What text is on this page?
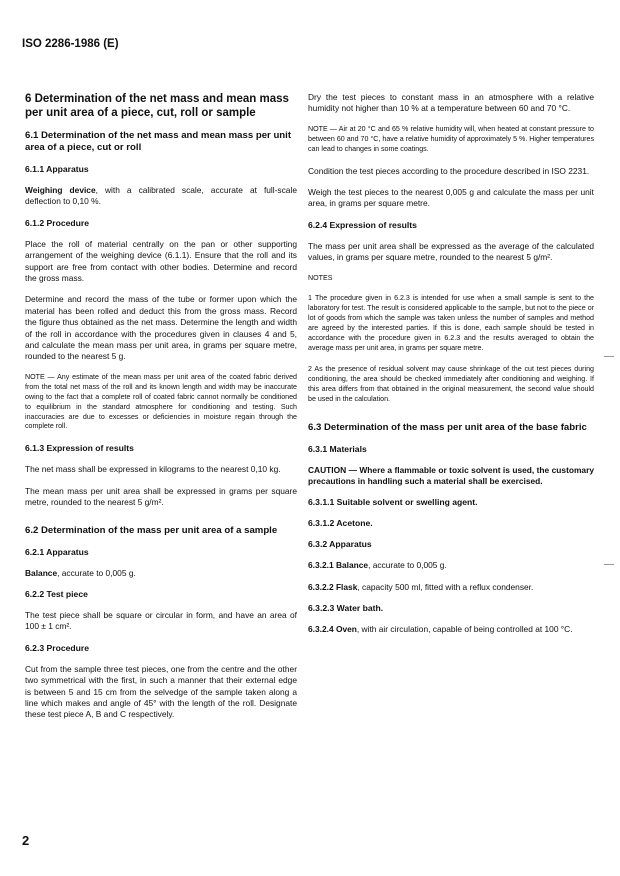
ISO 2286-1986 (E)
6 Determination of the net mass and mean mass per unit area of a piece, cut, roll or sample
6.1 Determination of the net mass and mean mass per unit area of a piece, cut or roll
6.1.1 Apparatus

Weighing device, with a calibrated scale, accurate at full-scale deflection to 0,10 %.

6.1.2 Procedure

Place the roll of material centrally on the pan or other supporting arrangement of the weighing device (6.1.1). Ensure that the roll and its support are free from contact with other bodies. Determine and record the gross mass.

Determine and record the mass of the tube or former upon which the material has been rolled and deduct this from the gross mass. Record the figure thus obtained as the net mass. Determine the length and width of the roll in accordance with the procedures given in clauses 4 and 5, and calculate the mean mass per unit area, in grams per square metre, rounded to the nearest 5 g.

NOTE — Any estimate of the mean mass per unit area of the coated fabric derived from the total net mass of the roll and its known length and width may be inaccurate owing to the fact that a complete roll of coated fabric cannot normally be conditioned to equilibrium in the standard atmosphere for conditioning and testing. Such inaccuracies are due to excesses or deficiencies in moisture regain through the complete roll.

6.1.3 Expression of results

The net mass shall be expressed in kilograms to the nearest 0,10 kg.

The mean mass per unit area shall be expressed in grams per square metre, rounded to the nearest 5 g/m².

6.2 Determination of the mass per unit area of a sample
6.2.1 Apparatus

Balance, accurate to 0,005 g.

6.2.2 Test piece

The test piece shall be square or circular in form, and have an area of 100 ± 1 cm².

6.2.3 Procedure

Cut from the sample three test pieces, one from the centre and the other two symmetrical with the first, in such a manner that their external edge is between 5 and 15 cm from the selvedge of the sample taken along a line which makes and angle of 45° with the length of the roll. Designate these test piece A, B and C respectively.

Dry the test pieces to constant mass in an atmosphere with a relative humidity not higher than 10 % at a temperature between 60 and 70 °C.

NOTE — Air at 20 °C and 65 % relative humidity will, when heated at constant pressure to between 60 and 70 °C, have a relative humidity of approximately 5 %. Higher temperatures can lead to changes in some coatings.

Condition the test pieces according to the procedure described in ISO 2231.

Weigh the test pieces to the nearest 0,005 g and calculate the mass per unit area, in grams per square metre.

6.2.4 Expression of results

The mass per unit area shall be expressed as the average of the calculated values, in grams per square metre, rounded to the nearest 5 g/m².

NOTES

1 The procedure given in 6.2.3 is intended for use when a small sample is sent to the laboratory for test. The result is considered applicable to the sample, but not to the piece or lot of goods from which the sample was taken unless the number of samples and method are agreed by the interested parties. If this is done, each sample should be tested in accordance with the procedure given in 6.2.3 and the results averaged to obtain the average mass per unit area, in grams per square metre.

2 As the presence of residual solvent may cause shrinkage of the cut test pieces during conditioning, the area should be checked immediately after conditioning and weighing. If this area differs from that obtained in the original measurement, the second value should be used in the calculation.

6.3 Determination of the mass per unit area of the base fabric
6.3.1 Materials

CAUTION — Where a flammable or toxic solvent is used, the customary precautions in handling such a material shall be exercised.

6.3.1.1 Suitable solvent or swelling agent.
6.3.1.2 Acetone.
6.3.2 Apparatus

6.3.2.1 Balance, accurate to 0,005 g.

6.3.2.2 Flask, capacity 500 ml, fitted with a reflux condenser.

6.3.2.3 Water bath.

6.3.2.4 Oven, with air circulation, capable of being controlled at 100 °C.

2
